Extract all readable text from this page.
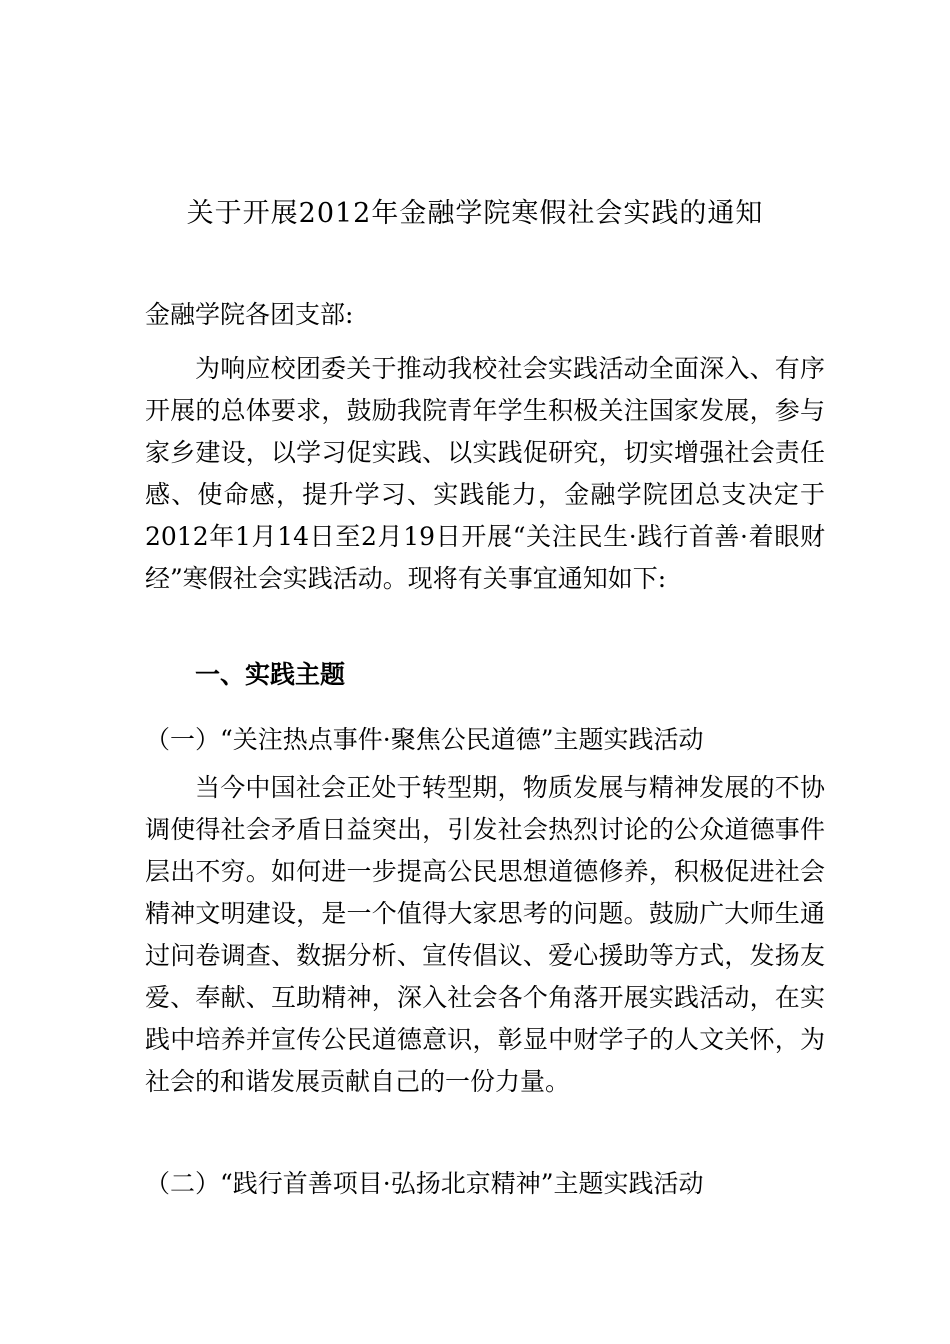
关于开展2012年金融学院寒假社会实践的通知
金融学院各团支部:

为响应校团委关于推动我校社会实践活动全面深入、有序开展的总体要求，鼓励我院青年学生积极关注国家发展，参与家乡建设，以学习促实践、以实践促研究，切实增强社会责任感、使命感，提升学习、实践能力，金融学院团总支决定于2012年1月14日至2月19日开展“关注民生·践行首善·着眼财经”寒假社会实践活动。现将有关事宜通知如下:

一、实践主题
（一）“关注热点事件·聚焦公民道德”主题实践活动

当今中国社会正处于转型期，物质发展与精神发展的不协调使得社会矛盾日益突出，引发社会热烈讨论的公众道德事件层出不穷。如何进一步提高公民思想道德修养，积极促进社会精神文明建设，是一个值得大家思考的问题。鼓励广大师生通过问卷调查、数据分析、宣传倡议、爱心援助等方式，发扬友爱、奉献、互助精神，深入社会各个角落开展实践活动，在实践中培养并宣传公民道德意识，彰显中财学子的人文关怀，为社会的和谐发展贡献自己的一份力量。

（二）“践行首善项目·弘扬北京精神”主题实践活动
